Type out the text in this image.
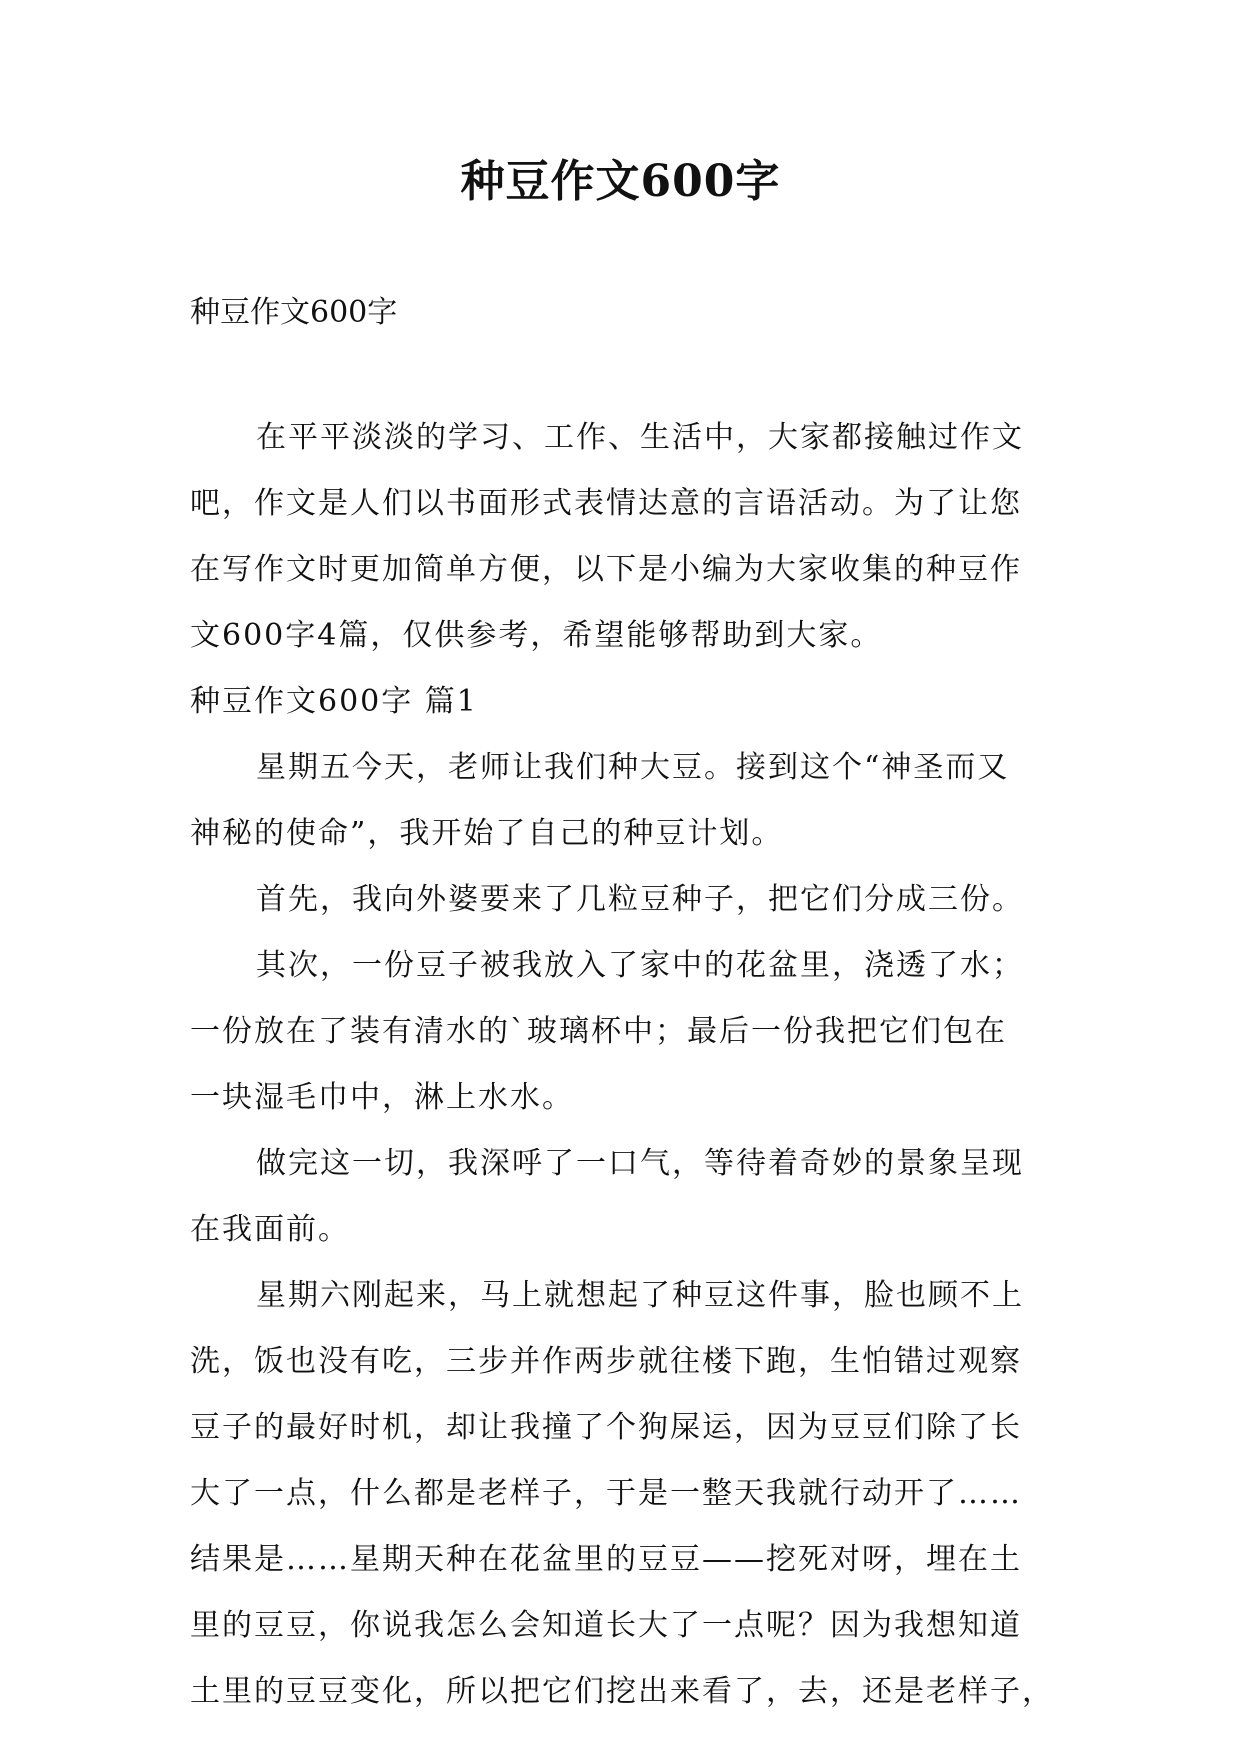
种豆作文600字
种豆作文600字
在平平淡淡的学习、工作、生活中，大家都接触过作文
吧，作文是人们以书面形式表情达意的言语活动。为了让您
在写作文时更加简单方便，以下是小编为大家收集的种豆作
文600字4篇，仅供参考，希望能够帮助到大家。
种豆作文600字 篇1
星期五今天，老师让我们种大豆。接到这个“神圣而又
神秘的使命”，我开始了自己的种豆计划。
首先，我向外婆要来了几粒豆种子，把它们分成三份。
其次，一份豆子被我放入了家中的花盆里，浇透了水；
一份放在了装有清水的`玻璃杯中；最后一份我把它们包在
一块湿毛巾中，淋上水水。
做完这一切，我深呼了一口气，等待着奇妙的景象呈现
在我面前。
星期六刚起来，马上就想起了种豆这件事，脸也顾不上
洗，饭也没有吃，三步并作两步就往楼下跑，生怕错过观察
豆子的最好时机，却让我撞了个狗屎运，因为豆豆们除了长
大了一点，什么都是老样子，于是一整天我就行动开了……
结果是……星期天种在花盆里的豆豆——挖死对呀，埋在土
里的豆豆，你说我怎么会知道长大了一点呢？因为我想知道
土里的豆豆变化，所以把它们挖出来看了，去，还是老样子，
